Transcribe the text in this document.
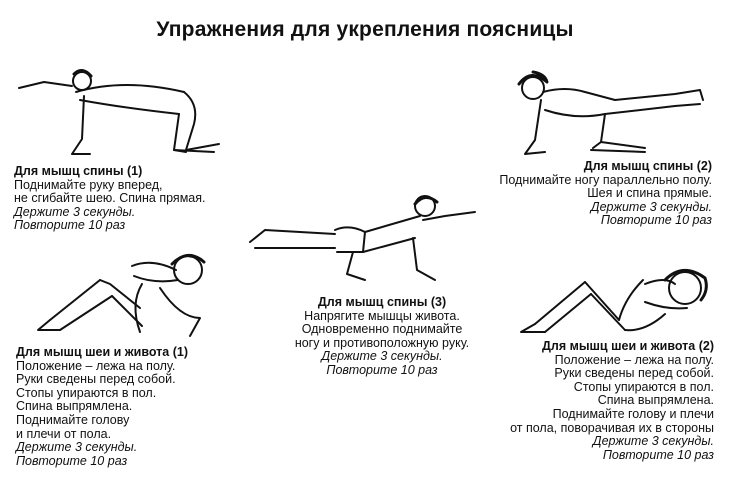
Упражнения для укрепления поясницы
Для мышц спины (1)
Поднимайте руку вперед,
не сгибайте шею. Спина прямая.
Держите 3 секунды.
Повторите 10 раз
Для мышц спины (2)
Поднимайте ногу параллельно полу.
Шея и спина прямые.
Держите 3 секунды.
Повторите 10 раз
Для мышц спины (3)
Напрягите мышцы живота.
Одновременно поднимайте
ногу и противоположную руку.
Держите 3 секунды.
Повторите 10 раз
Для мышц шеи и живота (1)
Положение – лежа на полу.
Руки сведены перед собой.
Стопы упираются в пол.
Спина выпрямлена.
Поднимайте голову
и плечи от пола.
Держите 3 секунды.
Повторите 10 раз
Для мышц шеи и живота (2)
Положение – лежа на полу.
Руки сведены перед собой.
Стопы упираются в пол.
Спина выпрямлена.
Поднимайте голову и плечи
от пола, поворачивая их в стороны
Держите 3 секунды.
Повторите 10 раз
